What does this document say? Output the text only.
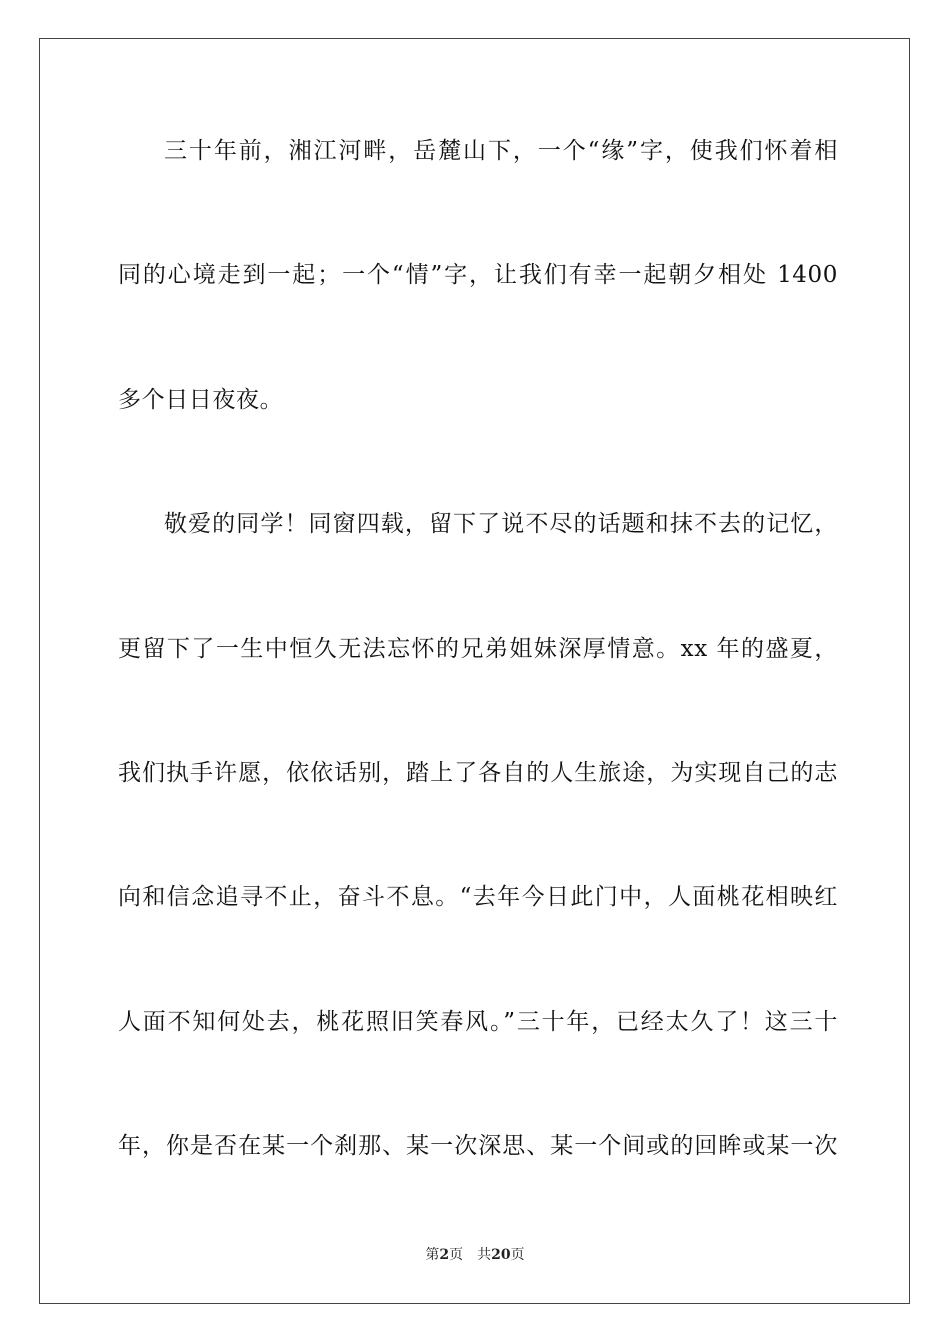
三十年前，湘江河畔，岳麓山下，一个“缘”字，使我们怀着相
同的心境走到一起；一个“情”字，让我们有幸一起朝夕相处 1400
多个日日夜夜。
敬爱的同学！同窗四载，留下了说不尽的话题和抹不去的记忆，
更留下了一生中恒久无法忘怀的兄弟姐妹深厚情意。xx 年的盛夏，
我们执手许愿，依依话别，踏上了各自的人生旅途，为实现自己的志
向和信念追寻不止，奋斗不息。“去年今日此门中，人面桃花相映红
人面不知何处去，桃花照旧笑春风。”三十年，已经太久了！这三十
年，你是否在某一个刹那、某一次深思、某一个间或的回眸或某一次
第2页 共20页
